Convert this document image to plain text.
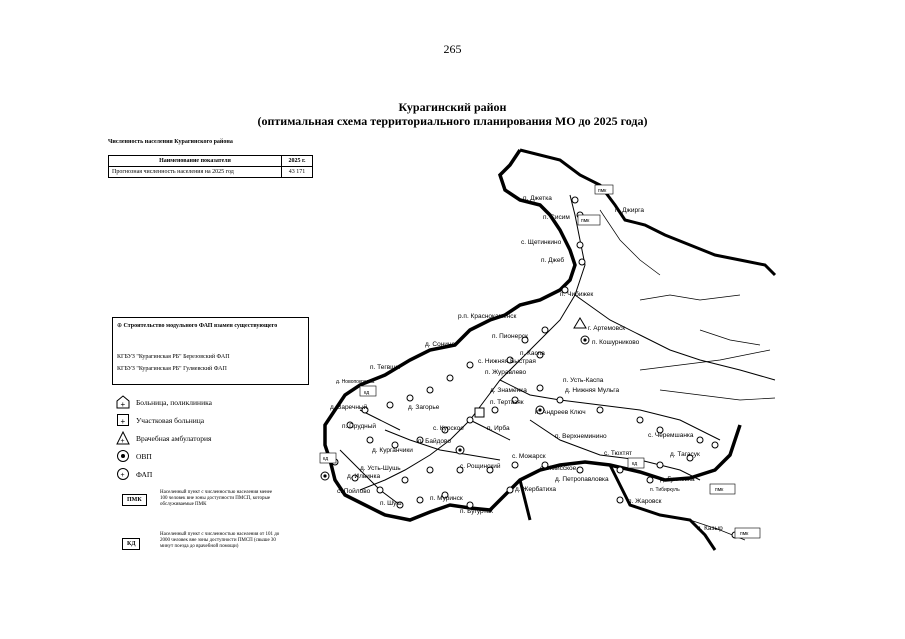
265
Курагинский район
(оптимальная схема территориального планирования МО до 2025 года)
Численность населения Курагинского района
Наименование показателя	2025 г.
Прогнозная численность населения на 2025 год	43 171
⊕ Строительство модульного ФАП взамен существующего
КГБУЗ "Курагинская РБ" Березовский ФАП
КГБУЗ "Курагинская РБ" Гуляевский ФАП
+ Больница, поликлиника
+ Участковая больница
+ Врачебная амбулатория
ОВП
+ ФАП
ПМК
Населенный пункт с численностью населения менее 100 человек вне зоны доступности ПМСП, которые обслуживаемые ПМК
КД
Населенный пункт с численностью населения от 101 до 2000 человек вне зоны доступности ПМСП (свыше 30 минут поезда до врачебной помощи)
п. Джетка
пмк
п. Джирга
п. Сисим пмк
с. Щетинкино
п. Джеб
п. Чибижек
р.п. Краснокаменск
п. Пионерск
г. Артемовск
д. Сонино
п. Каспа
п. Кошурниково
п. Тегвщы
с. Нижняя Быстрая
п. Журавлево
д. Новопокровка
кд
п. Усть-Каспа
д. Знаменка	д. Нижняя Мульга
п. Тертазяк
д. Заречный	д. Загорье
п. Андреев Ключ
п. Прудный	с. Курское	п. Ирба
с. Черемшанка
д. Курганчики
п. Байдово
п. Верхнеминино
кд
д. Ильинка
с. Можарск	с. Тюхтят
кд
д. Тагасук
д. Усть-Шушь	с. Рощинский	с. Имисское
д. Гуляевка
с. Пойлово
д. Петропавловка
п. Тибиркуль	пмк
д. Жербатиха
п. Шуш
п. Муринск
п. Бугуртак
п. Жаровск
п. Казыр
пмк
